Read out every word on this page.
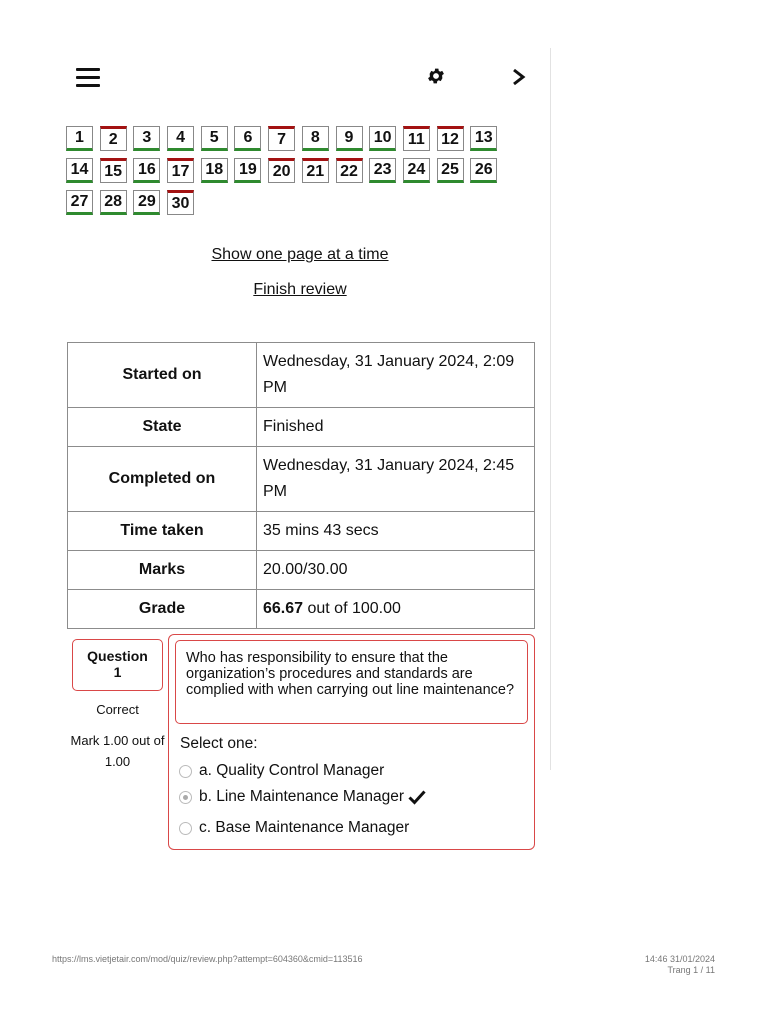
1	2	3	4	5	6	7	8	9	10	11	12 13
14 15 16 17 18 19 20 21 22 23 24 25 26
27 28 29 30
Show one page at a time
Finish review
Started on	Wednesday, 31 January 2024, 2:09 PM
State	Finished
Completed on	Wednesday, 31 January 2024, 2:45 PM
Time taken	35 mins 43 secs
Marks	20.00/30.00
Grade	66.67 out of 100.00
Question
1
Correct
Mark 1.00 out of 1.00
Who has responsibility to ensure that the organization’s procedures and standards are complied with when carrying out line maintenance?
Select one:
a. Quality Control Manager
b. Line Maintenance Manager
c. Base Maintenance Manager
https://lms.vietjetair.com/mod/quiz/review.php?attempt=604360&cmid=113516	14:46 31/01/2024
Trang 1 / 11
